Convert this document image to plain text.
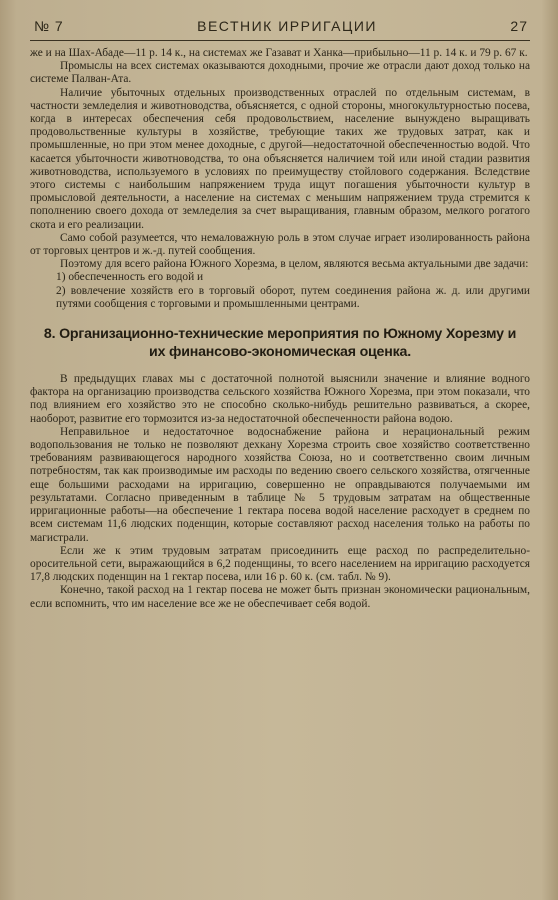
№ 7	ВЕСТНИК ИРРИГАЦИИ	27

же и на Шах-Абаде—11 р. 14 к., на системах же Газават и Ханка—прибыльно—11 р. 14 к. и 79 р. 67 к.

Промыслы на всех системах оказываются доходными, прочие же отрасли дают доход только на системе Палван-Ата.

Наличие убыточных отдельных производственных отраслей по отдельным системам, в частности земледелия и животноводства, объясняется, с одной стороны, многокультурностью посева, когда в интересах обеспечения себя продовольствием, население вынуждено выращивать продовольственные культуры в хозяйстве, требующие таких же трудовых затрат, как и промышленные, но при этом менее доходные, с другой—недостаточной обеспеченностью водой. Что касается убыточности животноводства, то она объясняется наличием той или иной стадии развития животноводства, используемого в условиях по преимуществу стойлового содержания. Вследствие этого системы с наибольшим напряжением труда ищут погашения убыточности культур в промысловой деятельности, а население на системах с меньшим напряжением труда стремится к пополнению своего дохода от земледелия за счет выращивания, главным образом, мелкого рогатого скота и его реализации.

Само собой разумеется, что немаловажную роль в этом случае играет изолированность района от торговых центров и ж.-д. путей сообщения.

Поэтому для всего района Южного Хорезма, в целом, являются весьма актуальными две задачи:

1) обеспеченность его водой и

2) вовлечение хозяйств его в торговый оборот, путем соединения района ж. д. или другими путями сообщения с торговыми и промышленными центрами.

8. Организационно-технические мероприятия по Южному Хорезму и их финансово-экономическая оценка.

В предыдущих главах мы с достаточной полнотой выяснили значение и влияние водного фактора на организацию производства сельского хозяйства Южного Хорезма, при этом показали, что под влиянием его хозяйство это не способно сколько-нибудь решительно развиваться, а скорее, наоборот, развитие его тормозится из-за недостаточной обеспеченности района водою.

Неправильное и недостаточное водоснабжение района и нерациональный режим водопользования не только не позволяют дехкану Хорезма строить свое хозяйство соответственно требованиям развивающегося народного хозяйства Союза, но и соответственно своим личным потребностям, так как производимые им расходы по ведению своего сельского хозяйства, отягченные еще большими расходами на ирригацию, совершенно не оправдываются получаемыми им результатами. Согласно приведенным в таблице № 5 трудовым затратам на общественные ирригационные работы—на обеспечение 1 гектара посева водой население расходует в среднем по всем системам 11,6 людских поденщин, которые составляют расход населения только на работы по магистрали.

Если же к этим трудовым затратам присоединить еще расход по распределительно-оросительной сети, выражающийся в 6,2 поденщины, то всего населением на ирригацию расходуется 17,8 людских поденщин на 1 гектар посева, или 16 р. 60 к. (см. табл. № 9).

Конечно, такой расход на 1 гектар посева не может быть признан экономически рациональным, если вспомнить, что им население все же не обеспечивает себя водой.
